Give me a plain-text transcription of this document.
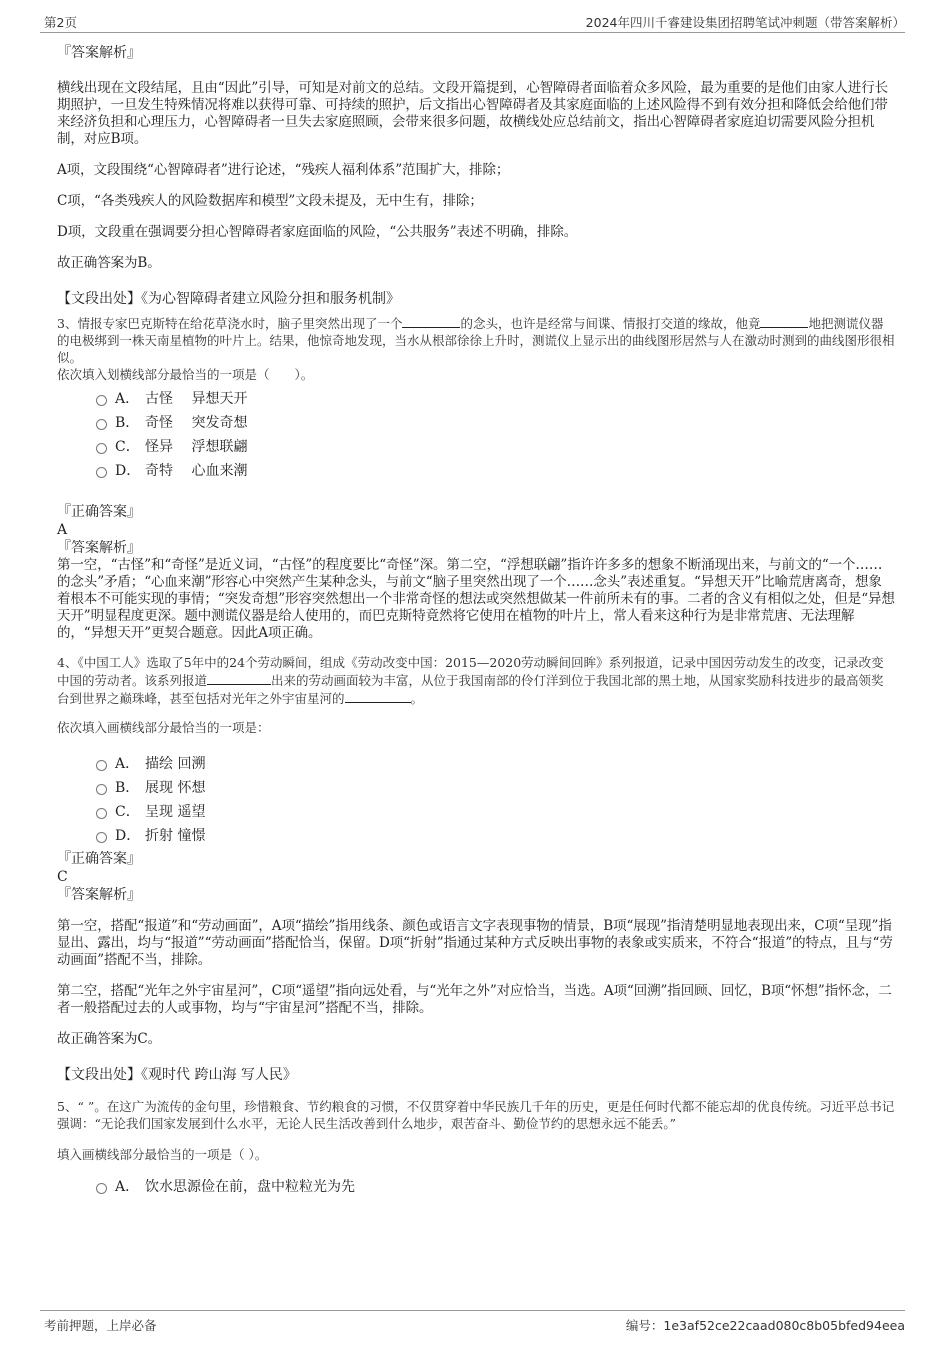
第2页	2024年四川千睿建设集团招聘笔试冲刺题（带答案解析）

『答案解析』

横线出现在文段结尾，且由“因此”引导，可知是对前文的总结。文段开篇提到，心智障碍者面临着众多风险，最为重要的是他们由家人进行长期照护，一旦发生特殊情况将难以获得可靠、可持续的照护，后文指出心智障碍者及其家庭面临的上述风险得不到有效分担和降低会给他们带来经济负担和心理压力，心智障碍者一旦失去家庭照顾，会带来很多问题，故横线处应总结前文，指出心智障碍者家庭迫切需要风险分担机制，对应B项。

A项，文段围绕“心智障碍者”进行论述，“残疾人福利体系”范围扩大，排除；

C项，“各类残疾人的风险数据库和模型”文段未提及，无中生有，排除；

D项，文段重在强调要分担心智障碍者家庭面临的风险，“公共服务”表述不明确，排除。

故正确答案为B。

【文段出处】《为心智障碍者建立风险分担和服务机制》

3、情报专家巴克斯特在给花草浇水时，脑子里突然出现了一个	的念头，也许是经常与间谍、情报打交道的缘故，他竟	地把测谎仪器的电极绑到一株天南星植物的叶片上。结果，他惊奇地发现，当水从根部徐徐上升时，测谎仪上显示出的曲线图形居然与人在激动时测到的曲线图形很相似。

依次填入划横线部分最恰当的一项是（　　）。

A． 古怪　 异想天开
B． 奇怪　 突发奇想
C． 怪异　 浮想联翩
D． 奇特　 心血来潮

『正确答案』

A

『答案解析』

第一空，“古怪”和“奇怪”是近义词，“古怪”的程度要比“奇怪”深。第二空，“浮想联翩”指许许多多的想象不断涌现出来，与前文的“一个……的念头”矛盾；“心血来潮”形容心中突然产生某种念头，与前文“脑子里突然出现了一个……念头”表述重复。“异想天开”比喻荒唐离奇，想象着根本不可能实现的事情；“突发奇想”形容突然想出一个非常奇怪的想法或突然想做某一件前所未有的事。二者的含义有相似之处，但是“异想天开”明显程度更深。题中测谎仪器是给人使用的，而巴克斯特竟然将它使用在植物的叶片上，常人看来这种行为是非常荒唐、无法理解的，“异想天开”更契合题意。因此A项正确。

4、《中国工人》选取了5年中的24个劳动瞬间，组成《劳动改变中国：2015—2020劳动瞬间回眸》系列报道，记录中国因劳动发生的改变，记录改变中国的劳动者。该系列报道	出来的劳动画面较为丰富，从位于我国南部的伶仃洋到位于我国北部的黑土地，从国家奖励科技进步的最高领奖台到世界之巅珠峰，甚至包括对光年之外宇宙星河的	。

依次填入画横线部分最恰当的一项是：

A． 描绘 回溯
B． 展现 怀想
C． 呈现 遥望
D． 折射 憧憬

『正确答案』

C

『答案解析』

第一空，搭配“报道”和“劳动画面”，A项“描绘”指用线条、颜色或语言文字表现事物的情景，B项“展现”指清楚明显地表现出来，C项“呈现”指显出、露出，均与“报道”“劳动画面”搭配恰当，保留。D项“折射”指通过某种方式反映出事物的表象或实质来，不符合“报道”的特点，且与“劳动画面”搭配不当，排除。

第二空，搭配“光年之外宇宙星河”，C项“遥望”指向远处看，与“光年之外”对应恰当，当选。A项“回溯”指回顾、回忆，B项“怀想”指怀念，二者一般搭配过去的人或事物，均与“宇宙星河”搭配不当，排除。

故正确答案为C。

【文段出处】《观时代 跨山海 写人民》

5、“ ”。在这广为流传的金句里，珍惜粮食、节约粮食的习惯，不仅贯穿着中华民族几千年的历史，更是任何时代都不能忘却的优良传统。习近平总书记强调：“无论我们国家发展到什么水平，无论人民生活改善到什么地步，艰苦奋斗、勤俭节约的思想永远不能丢。”

填入画横线部分最恰当的一项是（ ）。

A． 饮水思源俭在前，盘中粒粒光为先
考前押题，上岸必备	编号：1e3af52ce22caad080c8b05bfed94eea
